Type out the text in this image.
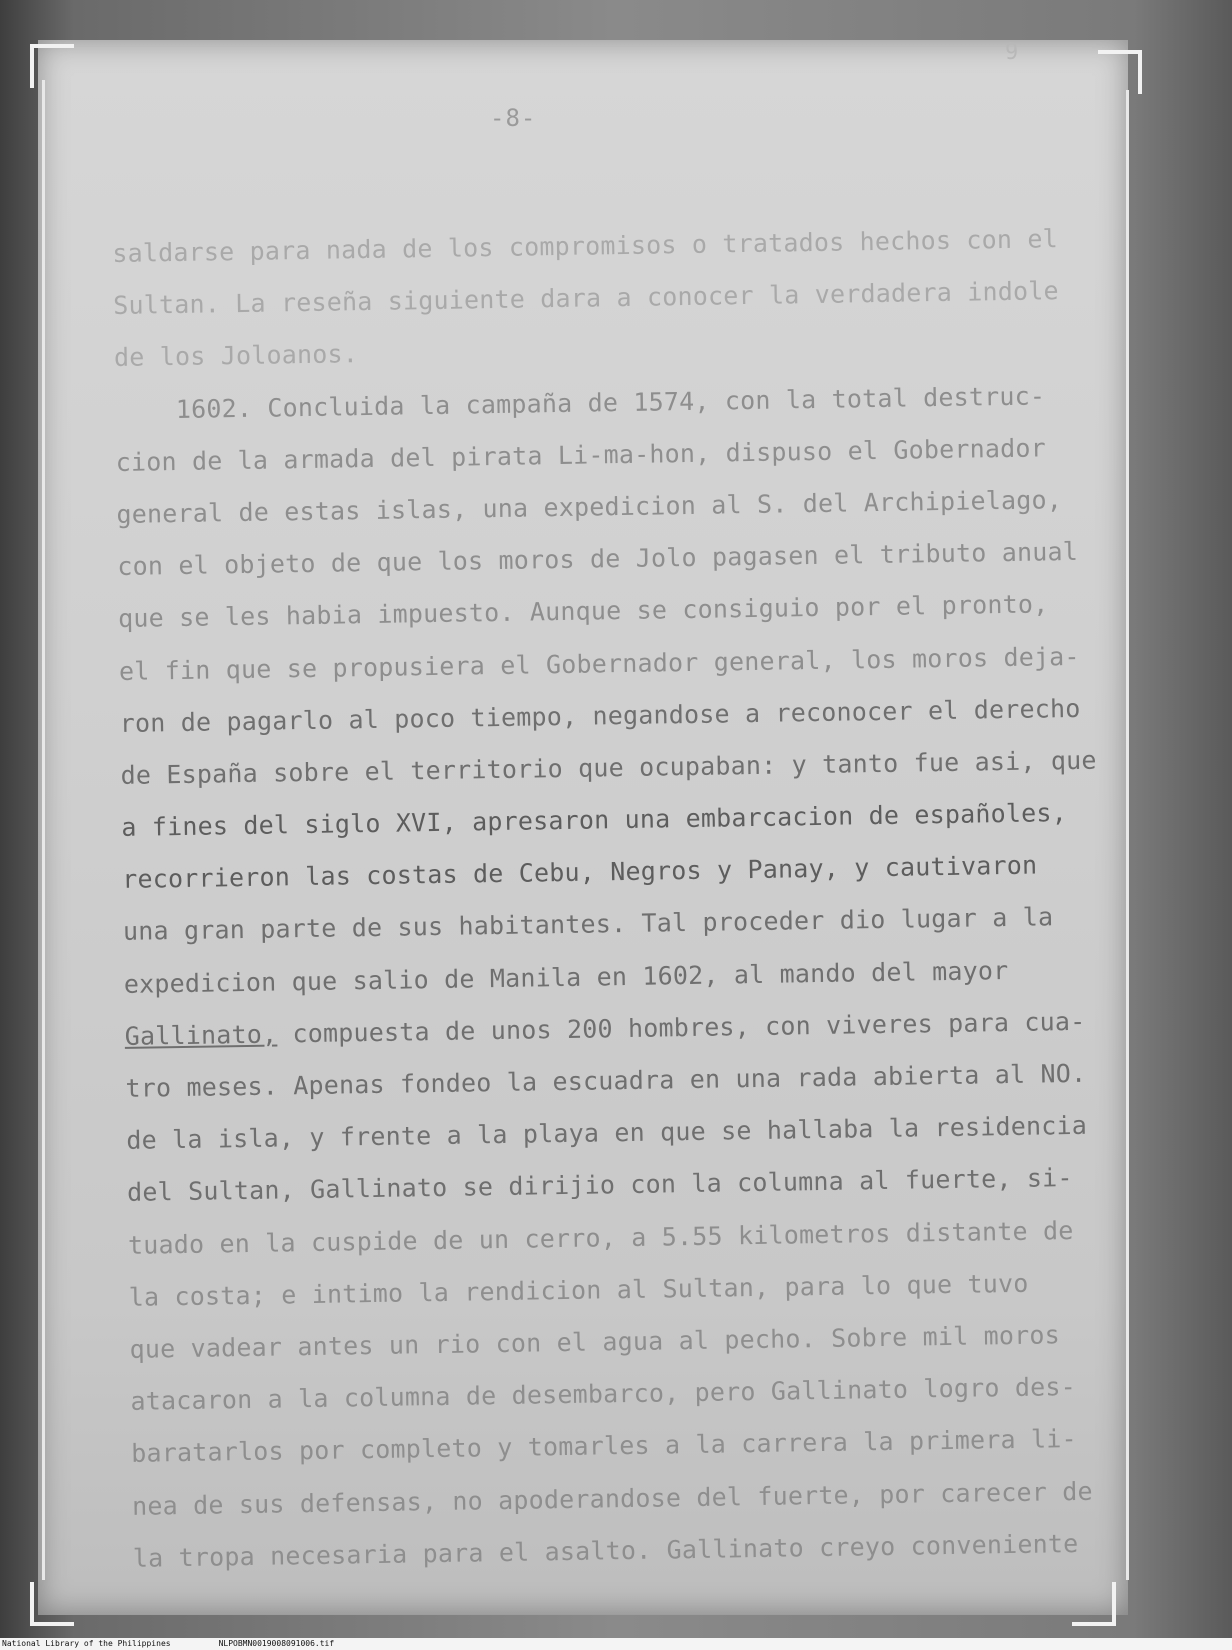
9
-8-
saldarse para nada de los compromisos o tratados hechos con el
Sultan. La reseña siguiente dara a conocer la verdadera indole
de los Joloanos.
1602. Concluida la campaña de 1574, con la total destruc-
cion de la armada del pirata Li-ma-hon, dispuso el Gobernador
general de estas islas, una expedicion al S. del Archipielago,
con el objeto de que los moros de Jolo pagasen el tributo anual
que se les habia impuesto. Aunque se consiguio por el pronto,
el fin que se propusiera el Gobernador general, los moros deja-
ron de pagarlo al poco tiempo, negandose a reconocer el derecho
de España sobre el territorio que ocupaban: y tanto fue asi, que
a fines del siglo XVI, apresaron una embarcacion de españoles,
recorrieron las costas de Cebu, Negros y Panay, y cautivaron
una gran parte de sus habitantes. Tal proceder dio lugar a la
expedicion que salio de Manila en 1602, al mando del mayor
Gallinato, compuesta de unos 200 hombres, con viveres para cua-
tro meses. Apenas fondeo la escuadra en una rada abierta al NO.
de la isla, y frente a la playa en que se hallaba la residencia
del Sultan, Gallinato se dirijio con la columna al fuerte, si-
tuado en la cuspide de un cerro, a 5.55 kilometros distante de
la costa; e intimo la rendicion al Sultan, para lo que tuvo
que vadear antes un rio con el agua al pecho. Sobre mil moros
atacaron a la columna de desembarco, pero Gallinato logro des-
baratarlos por completo y tomarles a la carrera la primera li-
nea de sus defensas, no apoderandose del fuerte, por carecer de
la tropa necesaria para el asalto. Gallinato creyo conveniente
National Library of the Philippines	NLPOBMN0019008091006.tif
